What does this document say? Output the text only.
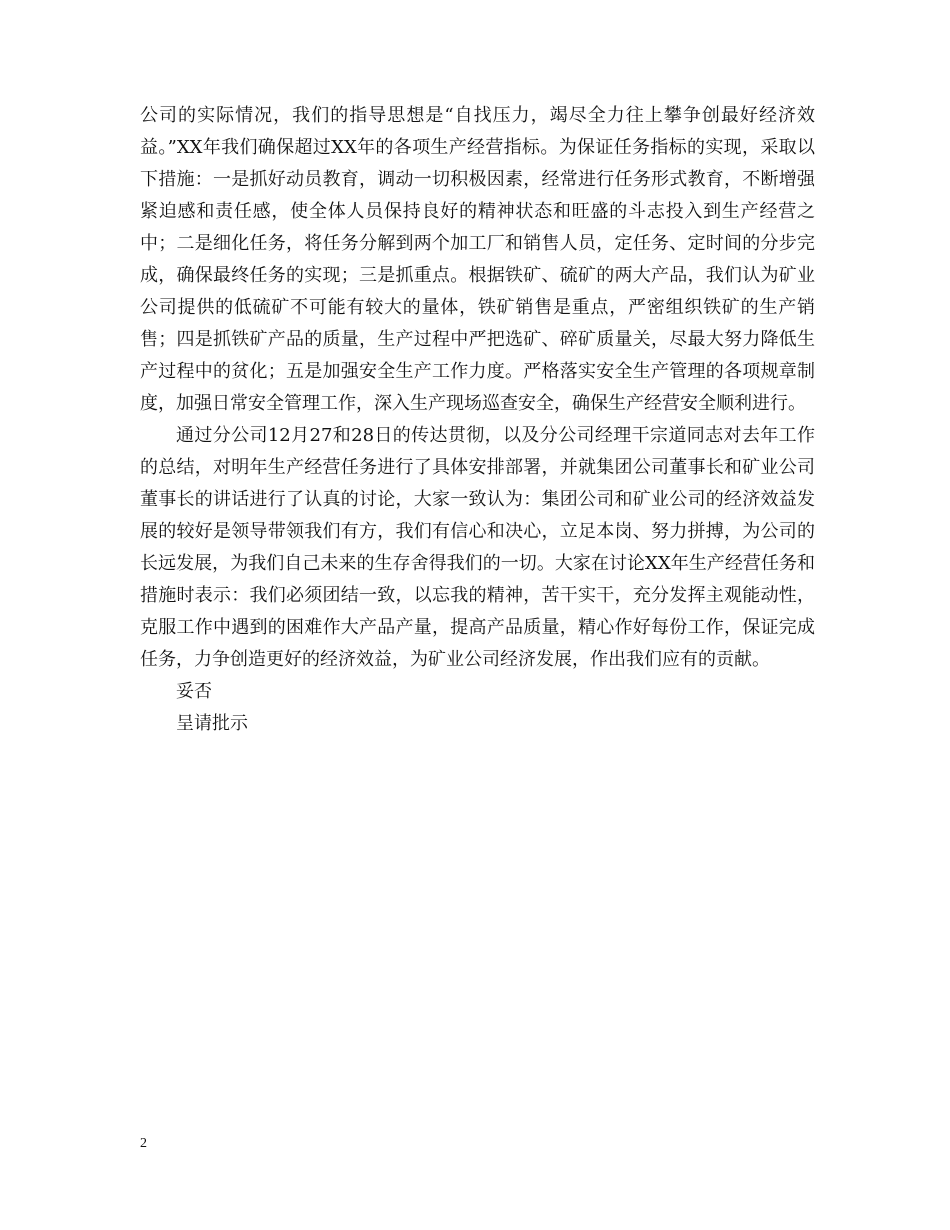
公司的实际情况，我们的指导思想是“自找压力，竭尽全力往上攀争创最好经济效益。”XX年我们确保超过XX年的各项生产经营指标。为保证任务指标的实现，采取以下措施：一是抓好动员教育，调动一切积极因素，经常进行任务形式教育，不断增强紧迫感和责任感，使全体人员保持良好的精神状态和旺盛的斗志投入到生产经营之中；二是细化任务，将任务分解到两个加工厂和销售人员，定任务、定时间的分步完成，确保最终任务的实现；三是抓重点。根据铁矿、硫矿的两大产品，我们认为矿业公司提供的低硫矿不可能有较大的量体，铁矿销售是重点，严密组织铁矿的生产销售；四是抓铁矿产品的质量，生产过程中严把选矿、碎矿质量关，尽最大努力降低生产过程中的贫化；五是加强安全生产工作力度。严格落实安全生产管理的各项规章制度，加强日常安全管理工作，深入生产现场巡查安全，确保生产经营安全顺利进行。

通过分公司12月27和28日的传达贯彻，以及分公司经理干宗道同志对去年工作的总结，对明年生产经营任务进行了具体安排部署，并就集团公司董事长和矿业公司董事长的讲话进行了认真的讨论，大家一致认为：集团公司和矿业公司的经济效益发展的较好是领导带领我们有方，我们有信心和决心，立足本岗、努力拼搏，为公司的长远发展，为我们自己未来的生存舍得我们的一切。大家在讨论XX年生产经营任务和措施时表示：我们必须团结一致，以忘我的精神，苦干实干，充分发挥主观能动性，克服工作中遇到的困难作大产品产量，提高产品质量，精心作好每份工作，保证完成任务，力争创造更好的经济效益，为矿业公司经济发展，作出我们应有的贡献。

妥否

呈请批示

2
